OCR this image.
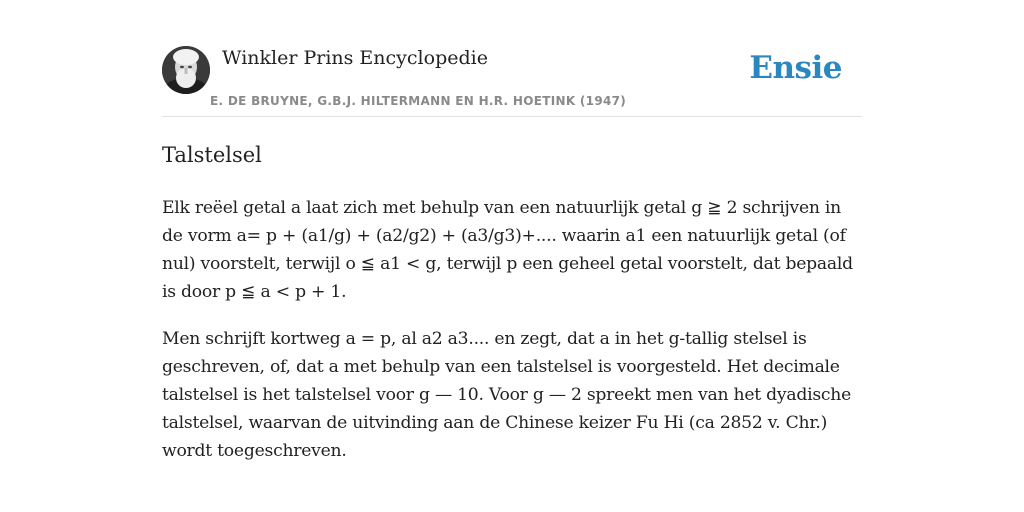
Winkler Prins Encyclopedie
E. DE BRUYNE, G.B.J. HILTERMANN EN H.R. HOETINK (1947)
Ensie
Talstelsel

Elk reëel getal a laat zich met behulp van een natuurlijk getal g ≧ 2 schrijven in de vorm a= p + (a1/g) + (a2/g2) + (a3/g3)+.... waarin a1 een natuurlijk getal (of nul) voorstelt, terwijl o ≦ a1 < g, terwijl p een geheel getal voorstelt, dat bepaald is door p ≦ a < p + 1.

Men schrijft kortweg a = p, al a2 a3.... en zegt, dat a in het g-tallig stelsel is geschreven, of, dat a met behulp van een talstelsel is voorgesteld. Het decimale talstelsel is het talstelsel voor g — 10. Voor g — 2 spreekt men van het dyadische talstelsel, waarvan de uitvinding aan de Chinese keizer Fu Hi (ca 2852 v. Chr.) wordt toegeschreven.
